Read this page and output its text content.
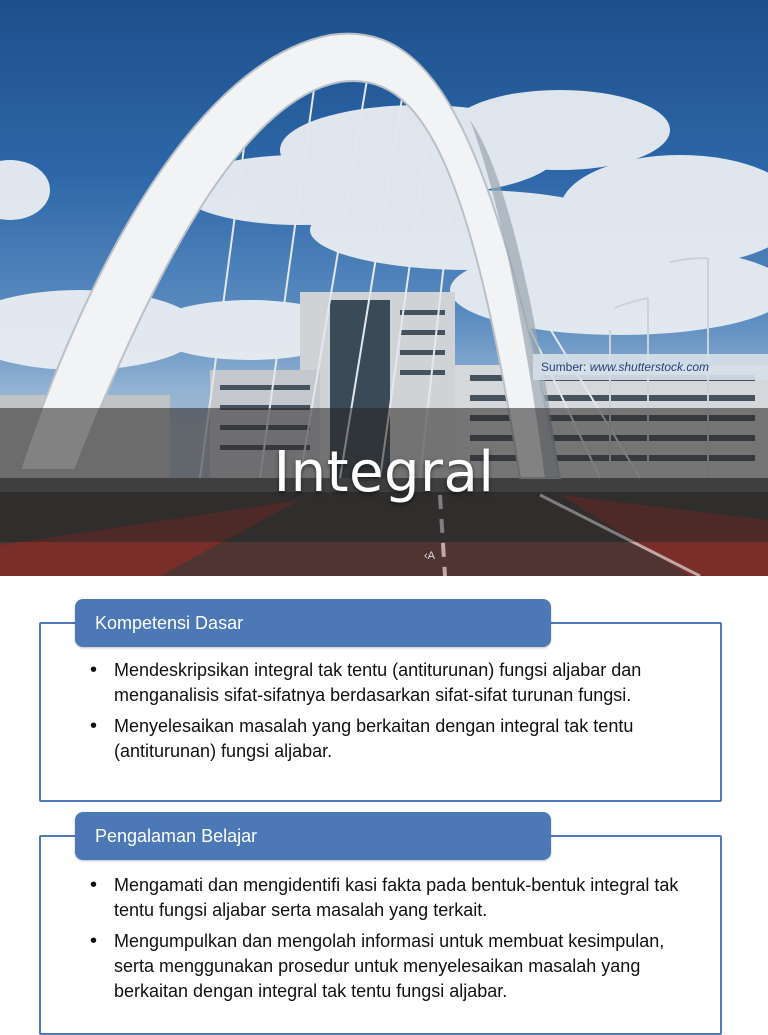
Sumber: www.shutterstock.com
Integral
‹A
Kompetensi Dasar
• Mendeskripsikan integral tak tentu (antiturunan) fungsi aljabar dan menganalisis sifat-sifatnya berdasarkan sifat-sifat turunan fungsi.
• Menyelesaikan masalah yang berkaitan dengan integral tak tentu (antiturunan) fungsi aljabar.
Pengalaman Belajar
• Mengamati dan mengidentifi kasi fakta pada bentuk-bentuk integral tak tentu fungsi aljabar serta masalah yang terkait.
• Mengumpulkan dan mengolah informasi untuk membuat kesimpulan, serta menggunakan prosedur untuk menyelesaikan masalah yang berkaitan dengan integral tak tentu fungsi aljabar.
